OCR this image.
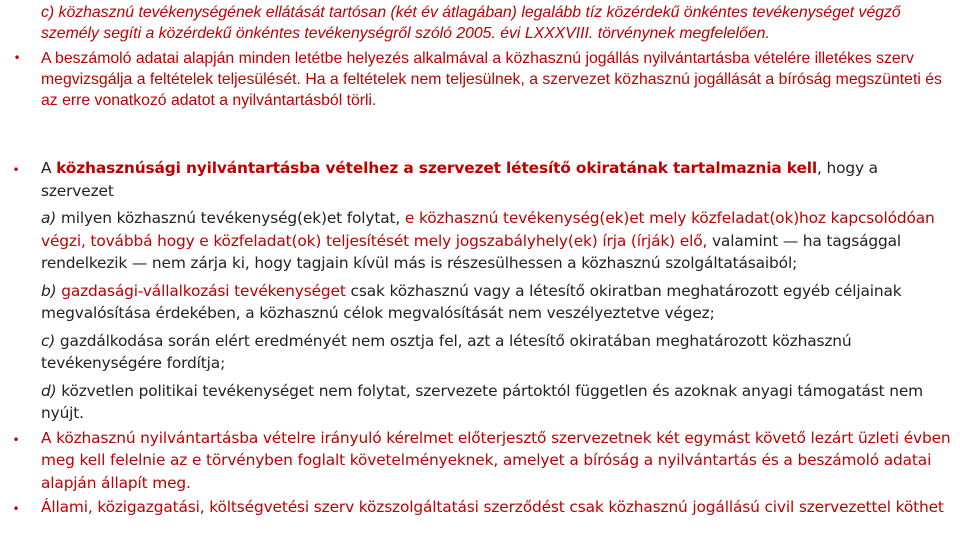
c) közhasznú tevékenységének ellátását tartósan (két év átlagában) legalább tíz közérdekű önkéntes tevékenységet végző személy segíti a közérdekű önkéntes tevékenységről szóló 2005. évi LXXXVIII. törvénynek megfelelően.
• A beszámoló adatai alapján minden letétbe helyezés alkalmával a közhasznú jogállás nyilvántartásba vételére illetékes szerv megvizsgálja a feltételek teljesülését. Ha a feltételek nem teljesülnek, a szervezet közhasznú jogállását a bíróság megszünteti és az erre vonatkozó adatot a nyilvántartásból törli.
• A közhasznúsági nyilvántartásba vételhez a szervezet létesítő okiratának tartalmaznia kell, hogy a szervezet

a) milyen közhasznú tevékenység(ek)et folytat, e közhasznú tevékenység(ek)et mely közfeladat(ok)hoz kapcsolódóan végzi, továbbá hogy e közfeladat(ok) teljesítését mely jogszabályhely(ek) írja (írják) elő, valamint — ha tagsággal rendelkezik — nem zárja ki, hogy tagjain kívül más is részesülhessen a közhasznú szolgáltatásaiból;

b) gazdasági-vállalkozási tevékenységet csak közhasznú vagy a létesítő okiratban meghatározott egyéb céljainak megvalósítása érdekében, a közhasznú célok megvalósítását nem veszélyeztetve végez;

c) gazdálkodása során elért eredményét nem osztja fel, azt a létesítő okiratában meghatározott közhasznú tevékenységére fordítja;

d) közvetlen politikai tevékenységet nem folytat, szervezete pártoktól független és azoknak anyagi támogatást nem nyújt.

• A közhasznú nyilvántartásba vételre irányuló kérelmet előterjesztő szervezetnek két egymást követő lezárt üzleti évben meg kell felelnie az e törvényben foglalt követelményeknek, amelyet a bíróság a nyilvántartás és a beszámoló adatai alapján állapít meg.

• Állami, közigazgatási, költségvetési szerv közszolgáltatási szerződést csak közhasznú jogállású civil szervezettel köthet
